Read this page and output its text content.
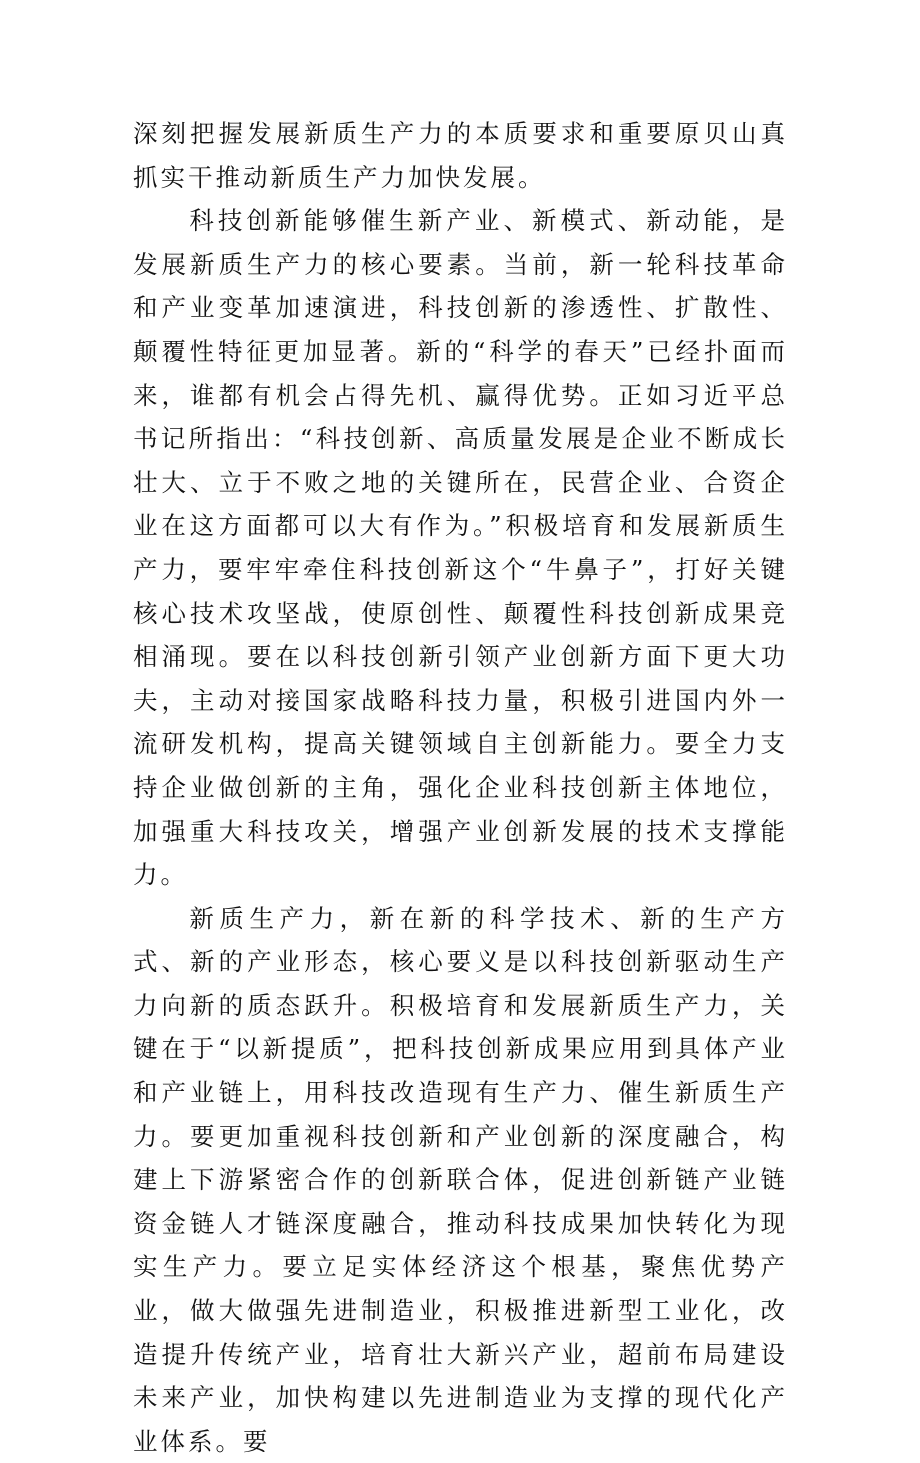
深刻把握发展新质生产力的本质要求和重要原贝山真抓实干推动新质生产力加快发展。

科技创新能够催生新产业、新模式、新动能，是发展新质生产力的核心要素。当前，新一轮科技革命和产业变革加速演进，科技创新的渗透性、扩散性、颠覆性特征更加显著。新的“科学的春天”已经扑面而来，谁都有机会占得先机、赢得优势。正如习近平总书记所指出：“科技创新、高质量发展是企业不断成长壮大、立于不败之地的关键所在，民营企业、合资企业在这方面都可以大有作为。”积极培育和发展新质生产力，要牢牢牵住科技创新这个“牛鼻子”，打好关键核心技术攻坚战，使原创性、颠覆性科技创新成果竞相涌现。要在以科技创新引领产业创新方面下更大功夫，主动对接国家战略科技力量，积极引进国内外一流研发机构，提高关键领域自主创新能力。要全力支持企业做创新的主角，强化企业科技创新主体地位，加强重大科技攻关，增强产业创新发展的技术支撑能力。

新质生产力，新在新的科学技术、新的生产方式、新的产业形态，核心要义是以科技创新驱动生产力向新的质态跃升。积极培育和发展新质生产力，关键在于“以新提质”，把科技创新成果应用到具体产业和产业链上，用科技改造现有生产力、催生新质生产力。要更加重视科技创新和产业创新的深度融合，构建上下游紧密合作的创新联合体，促进创新链产业链资金链人才链深度融合，推动科技成果加快转化为现实生产力。要立足实体经济这个根基，聚焦优势产业，做大做强先进制造业，积极推进新型工业化，改造提升传统产业，培育壮大新兴产业，超前布局建设未来产业，加快构建以先进制造业为支撑的现代化产业体系。要
